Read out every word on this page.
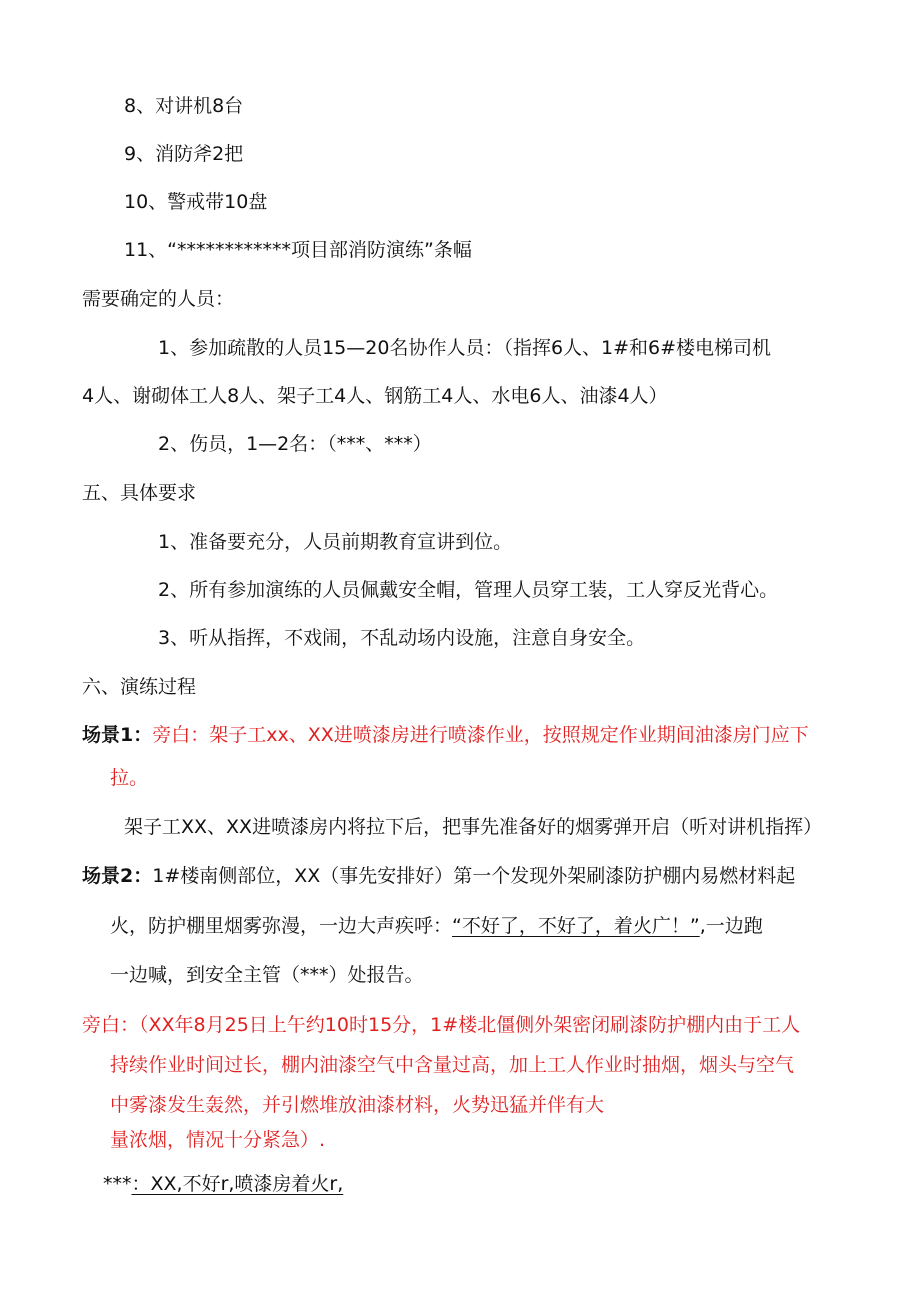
8、对讲机8台
9、消防斧2把
10、警戒带10盘
11、“************项目部消防演练”条幅
需要确定的人员：
1、参加疏散的人员15—20名协作人员：（指挥6人、1#和6#楼电梯司机
4人、谢砌体工人8人、架子工4人、钢筋工4人、水电6人、油漆4人）
2、伤员，1—2名：（***、***）
五、具体要求
1、准备要充分，人员前期教育宣讲到位。
2、所有参加演练的人员佩戴安全帽，管理人员穿工装，工人穿反光背心。
3、听从指挥，不戏闹，不乱动场内设施，注意自身安全。
六、演练过程
场景1：旁白：架子工xx、XX进喷漆房进行喷漆作业，按照规定作业期间油漆房门应下
拉。
架子工XX、XX进喷漆房内将拉下后，把事先准备好的烟雾弹开启（听对讲机指挥）
场景2：1#楼南侧部位，XX（事先安排好）第一个发现外架刷漆防护棚内易燃材料起
火，防护棚里烟雾弥漫，一边大声疾呼：“不好了，不好了，着火广！”,一边跑
一边喊，到安全主管（***）处报告。
旁白：（XX年8月25日上午约10时15分，1#楼北僵侧外架密闭刷漆防护棚内由于工人
持续作业时间过长，棚内油漆空气中含量过高，加上工人作业时抽烟，烟头与空气
中雾漆发生轰然，并引燃堆放油漆材料，火势迅猛并伴有大
量浓烟，情况十分紧急）.
***：XX,不好r,喷漆房着火r,
